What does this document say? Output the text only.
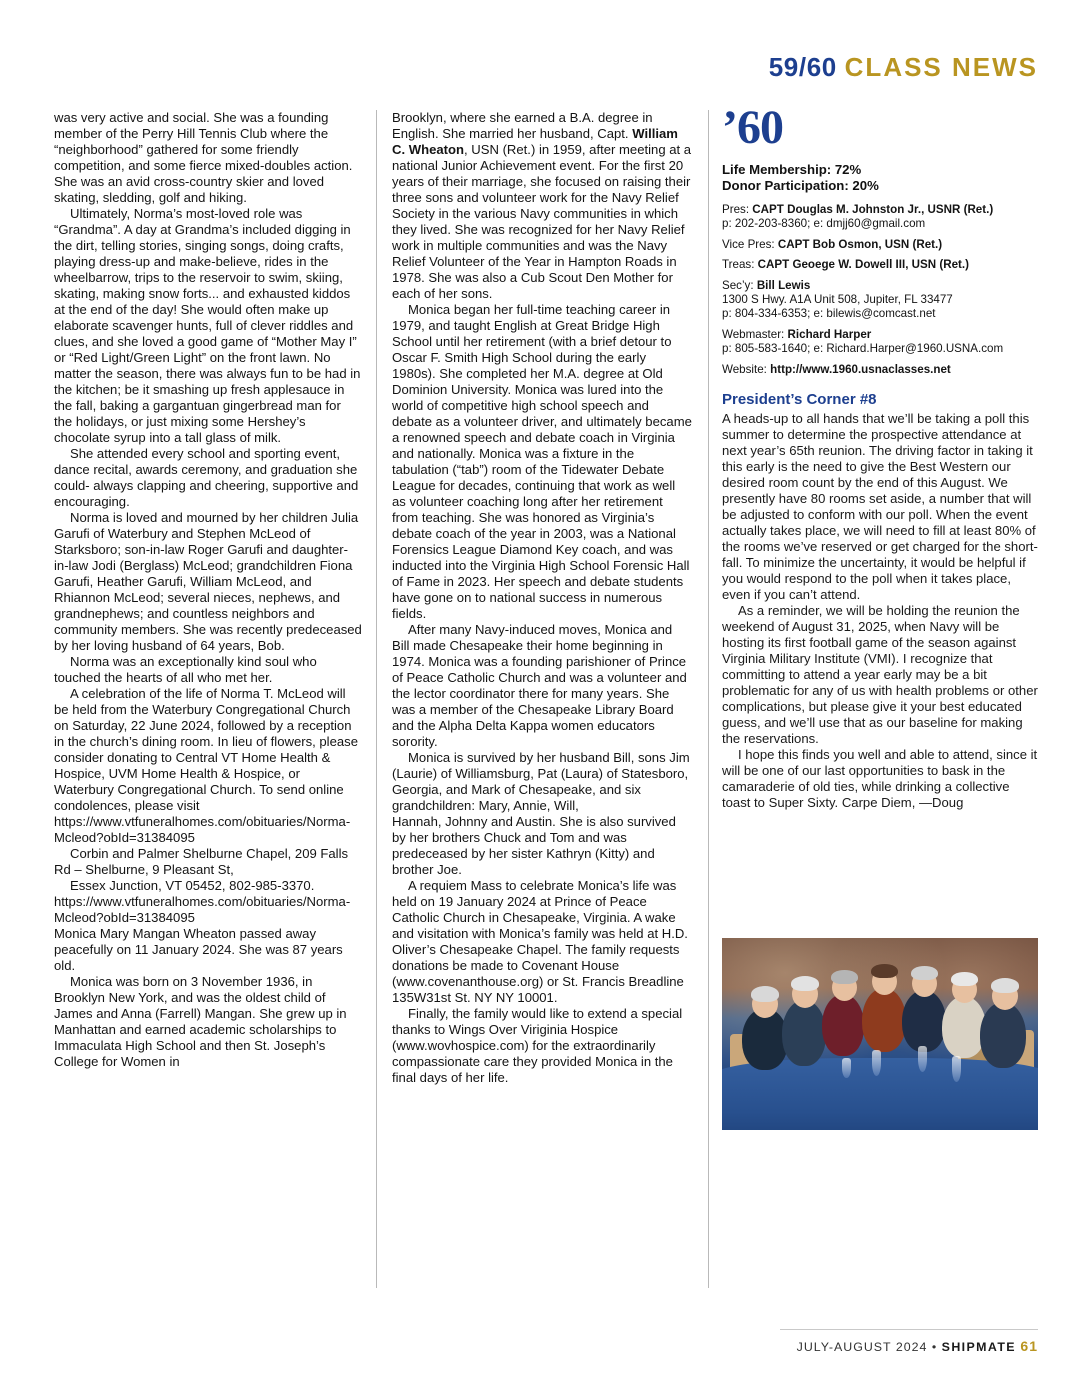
59/60 CLASS NEWS

was very active and social. She was a founding member of the Perry Hill Tennis Club where the “neighborhood” gathered for some friendly competition, and some fierce mixed-doubles action. She was an avid cross-country skier and loved skating, sledding, golf and hiking.

Ultimately, Norma’s most-loved role was “Grandma”. A day at Grandma’s included digging in the dirt, telling stories, singing songs, doing crafts, playing dress-up and make-believe, rides in the wheelbarrow, trips to the reservoir to swim, skiing, skating, making snow forts... and exhausted kiddos at the end of the day! She would often make up elaborate scavenger hunts, full of clever riddles and clues, and she loved a good game of “Mother May I” or “Red Light/Green Light” on the front lawn. No matter the season, there was always fun to be had in the kitchen; be it smashing up fresh applesauce in the fall, baking a gargantuan gingerbread man for the holidays, or just mixing some Hershey’s chocolate syrup into a tall glass of milk.

She attended every school and sporting event, dance recital, awards ceremony, and graduation she could- always clapping and cheering, supportive and encouraging.

Norma is loved and mourned by her children Julia Garufi of Waterbury and Stephen McLeod of Starksboro; son-in-law Roger Garufi and daughter-in-law Jodi (Berglass) McLeod; grandchildren Fiona Garufi, Heather Garufi, William McLeod, and Rhiannon McLeod; several nieces, nephews, and grandnephews; and countless neighbors and community members. She was recently predeceased by her loving husband of 64 years, Bob.

Norma was an exceptionally kind soul who touched the hearts of all who met her.

A celebration of the life of Norma T. McLeod will be held from the Waterbury Congregational Church on Saturday, 22 June 2024, followed by a reception in the church’s dining room. In lieu of flowers, please consider donating to Central VT Home Health & Hospice, UVM Home Health & Hospice, or Waterbury Congregational Church. To send online condolences, please visit https://www.vtfuneralhomes.com/obituaries/Norma-Mcleod?obId=31384095

Corbin and Palmer Shelburne Chapel, 209 Falls Rd – Shelburne, 9 Pleasant St,

Essex Junction, VT 05452, 802-985-3370. https://www.vtfuneralhomes.com/obituaries/Norma-Mcleod?obId=31384095

Monica Mary Mangan Wheaton passed away peacefully on 11 January 2024. She was 87 years old.

Monica was born on 3 November 1936, in Brooklyn New York, and was the oldest child of James and Anna (Farrell) Mangan. She grew up in Manhattan and earned academic scholarships to Immaculata High School and then St. Joseph’s College for Women in

Brooklyn, where she earned a B.A. degree in English. She married her husband, Capt. William C. Wheaton, USN (Ret.) in 1959, after meeting at a national Junior Achievement event. For the first 20 years of their marriage, she focused on raising their three sons and volunteer work for the Navy Relief Society in the various Navy communities in which they lived. She was recognized for her Navy Relief work in multiple communities and was the Navy Relief Volunteer of the Year in Hampton Roads in 1978. She was also a Cub Scout Den Mother for each of her sons.

Monica began her full-time teaching career in 1979, and taught English at Great Bridge High School until her retirement (with a brief detour to Oscar F. Smith High School during the early 1980s). She completed her M.A. degree at Old Dominion University. Monica was lured into the world of competitive high school speech and debate as a volunteer driver, and ultimately became a renowned speech and debate coach in Virginia and nationally. Monica was a fixture in the tabulation (“tab”) room of the Tidewater Debate League for decades, continuing that work as well as volunteer coaching long after her retirement from teaching. She was honored as Virginia’s debate coach of the year in 2003, was a National Forensics League Diamond Key coach, and was inducted into the Virginia High School Forensic Hall of Fame in 2023. Her speech and debate students have gone on to national success in numerous fields.

After many Navy-induced moves, Monica and Bill made Chesapeake their home beginning in 1974. Monica was a founding parishioner of Prince of Peace Catholic Church and was a volunteer and the lector coordinator there for many years. She was a member of the Chesapeake Library Board and the Alpha Delta Kappa women educators sorority.

Monica is survived by her husband Bill, sons Jim (Laurie) of Williamsburg, Pat (Laura) of Statesboro, Georgia, and Mark of Chesapeake, and six grandchildren: Mary, Annie, Will,

Hannah, Johnny and Austin. She is also survived by her brothers Chuck and Tom and was predeceased by her sister Kathryn (Kitty) and brother Joe.

A requiem Mass to celebrate Monica’s life was held on 19 January 2024 at Prince of Peace Catholic Church in Chesapeake, Virginia. A wake and visitation with Monica’s family was held at H.D. Oliver’s Chesapeake Chapel. The family requests donations be made to Covenant House (www.covenanthouse.org) or St. Francis Breadline 135W31st St. NY NY 10001.

Finally, the family would like to extend a special thanks to Wings Over Viriginia Hospice (www.wovhospice.com) for the extraordinarily compassionate care they provided Monica in the final days of her life.

’60
Life Membership: 72%
Donor Participation: 20%
Pres: CAPT Douglas M. Johnston Jr., USNR (Ret.)
p: 202-203-8360; e: dmjj60@gmail.com
Vice Pres: CAPT Bob Osmon, USN (Ret.)
Treas: CAPT Geoege W. Dowell III, USN (Ret.)
Sec’y: Bill Lewis
1300 S Hwy. A1A Unit 508, Jupiter, FL 33477
p: 804-334-6353; e: bilewis@comcast.net
Webmaster: Richard Harper
p: 805-583-1640; e: Richard.Harper@1960.USNA.com
Website: http://www.1960.usnaclasses.net
President’s Corner #8

A heads-up to all hands that we’ll be taking a poll this summer to determine the prospective attendance at next year’s 65th reunion. The driving factor in taking it this early is the need to give the Best Western our desired room count by the end of this August. We presently have 80 rooms set aside, a number that will be adjusted to conform with our poll. When the event actually takes place, we will need to fill at least 80% of the rooms we’ve reserved or get charged for the short-fall. To minimize the uncertainty, it would be helpful if you would respond to the poll when it takes place, even if you can’t attend.

As a reminder, we will be holding the reunion the weekend of August 31, 2025, when Navy will be hosting its first football game of the season against Virginia Military Institute (VMI). I recognize that committing to attend a year early may be a bit problematic for any of us with health problems or other complications, but please give it your best educated guess, and we’ll use that as our baseline for making the reservations.

I hope this finds you well and able to attend, since it will be one of our last opportunities to bask in the camaraderie of old ties, while drinking a collective toast to Super Sixty. Carpe Diem, —Doug

JULY-AUGUST 2024 • SHIPMATE 61
